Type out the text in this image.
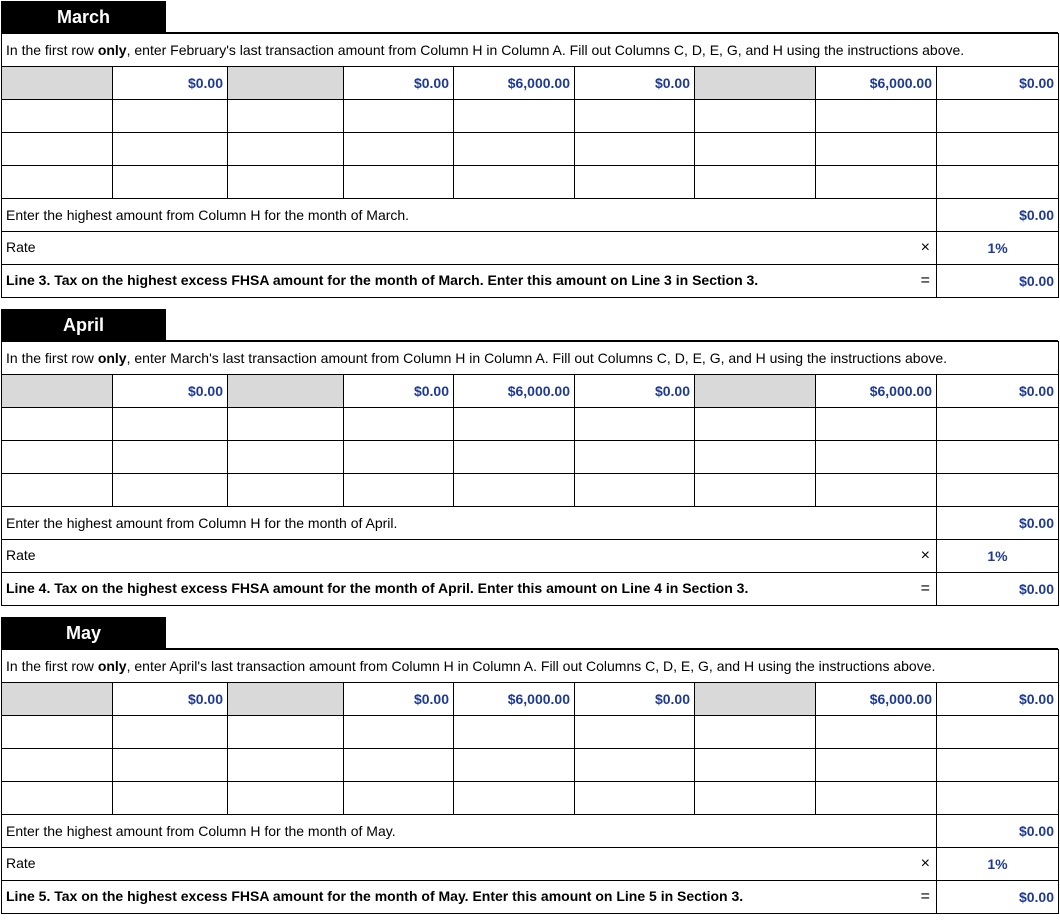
March
In the first row only, enter February's last transaction amount from Column H in Column A. Fill out Columns C, D, E, G, and H using the instructions above.								
	$0.00		$0.00	$6,000.00	$0.00		$6,000.00	$0.00

Enter the highest amount from Column H for the month of March.								$0.00

Rate ×								1%

Line 3. Tax on the highest excess FHSA amount for the month of March. Enter this amount on Line 3 in Section 3. =								$0.00
April
In the first row only, enter March's last transaction amount from Column H in Column A. Fill out Columns C, D, E, G, and H using the instructions above.								
	$0.00		$0.00	$6,000.00	$0.00		$6,000.00	$0.00

Enter the highest amount from Column H for the month of April.								$0.00

Rate ×								1%

Line 4. Tax on the highest excess FHSA amount for the month of April. Enter this amount on Line 4 in Section 3. =								$0.00
May
In the first row only, enter April's last transaction amount from Column H in Column A. Fill out Columns C, D, E, G, and H using the instructions above.								
	$0.00		$0.00	$6,000.00	$0.00		$6,000.00	$0.00

Enter the highest amount from Column H for the month of May.								$0.00

Rate ×								1%

Line 5. Tax on the highest excess FHSA amount for the month of May. Enter this amount on Line 5 in Section 3. =								$0.00
